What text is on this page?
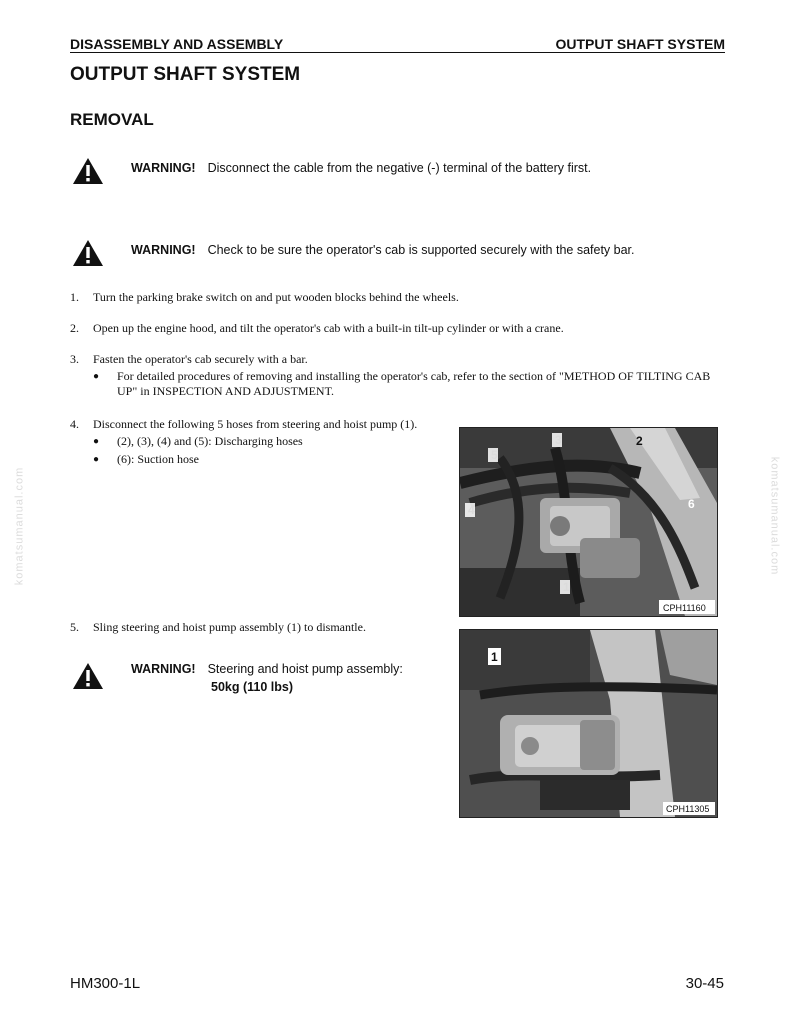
DISASSEMBLY AND ASSEMBLY	OUTPUT SHAFT SYSTEM
OUTPUT SHAFT SYSTEM
REMOVAL
WARNING! Disconnect the cable from the negative (-) terminal of the battery first.
WARNING! Check to be sure the operator's cab is supported securely with the safety bar.
1. Turn the parking brake switch on and put wooden blocks behind the wheels.
2. Open up the engine hood, and tilt the operator's cab with a built-in tilt-up cylinder or with a crane.
3. Fasten the operator's cab securely with a bar.
● For detailed procedures of removing and installing the operator's cab, refer to the section of "METHOD OF TILTING CAB UP" in INSPECTION AND ADJUSTMENT.
4. Disconnect the following 5 hoses from steering and hoist pump (1).
● (2), (3), (4) and (5): Discharging hoses
● (6): Suction hose
5. Sling steering and hoist pump assembly (1) to dismantle.
WARNING! Steering and hoist pump assembly:
50kg (110 lbs)
2
6
CPH11160
1
CPH11305
komatsumanual.com	komatsumanual.com
HM300-1L	30-45
